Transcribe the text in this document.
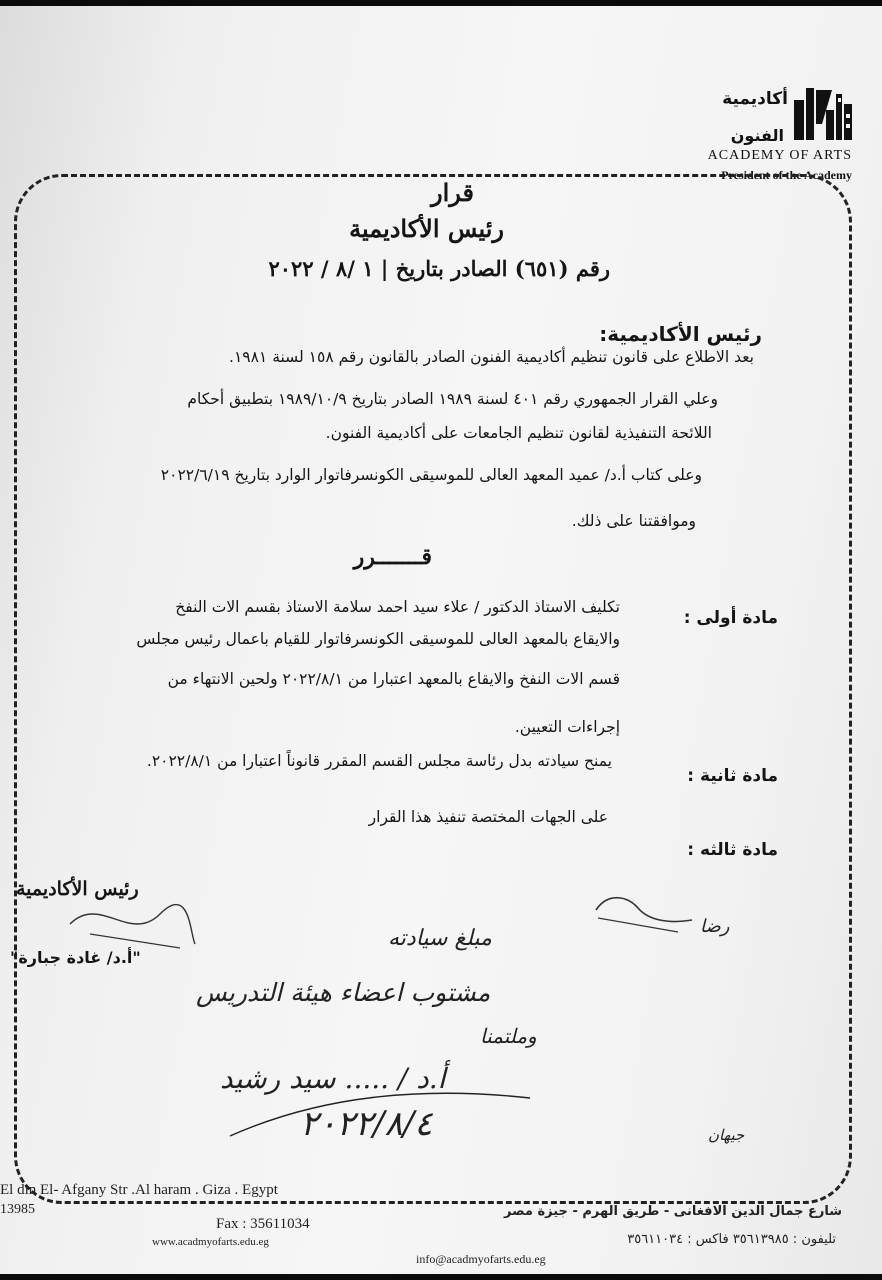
أكاديمية
الفنون
ACADEMY OF ARTS
President of the Academy
قرار
رئيس الأكاديمية
رقم (٦٥١) الصادر بتاريخ | ١ /٨ / ٢٠٢٢
رئيس الأكاديمية:
بعد الاطلاع على قانون تنظيم أكاديمية الفنون الصادر بالقانون رقم ١٥٨ لسنة ١٩٨١.
وعلي القرار الجمهوري رقم ٤٠١ لسنة ١٩٨٩ الصادر بتاريخ ١٩٨٩/١٠/٩ بتطبيق أحكام
اللائحة التنفيذية لقانون تنظيم الجامعات على أكاديمية الفنون.
وعلى كتاب أ.د/ عميد المعهد العالى للموسيقى الكونسرفاتوار الوارد بتاريخ ٢٠٢٢/٦/١٩
وموافقتنا على ذلك.
قـــــــرر
مادة أولى :
تكليف الاستاذ الدكتور / علاء سيد احمد سلامة الاستاذ بقسم الات النفخ
والايقاع بالمعهد العالى للموسيقى الكونسرفاتوار للقيام باعمال رئيس مجلس
قسم الات النفخ والايقاع بالمعهد اعتبارا من ٢٠٢٢/٨/١ ولحين الانتهاء من
إجراءات التعيين.
مادة ثانية :
يمنح سيادته بدل رئاسة مجلس القسم المقرر قانوناً اعتبارا من ٢٠٢٢/٨/١.
مادة ثالثه :
على الجهات المختصة تنفيذ هذا القرار
رئيس الأكاديمية
"أ.د/ غادة جبارة"
مبلغ سيادته
مشتوب اعضاء هيئة التدريس
وملتمنا
أ.د / ..... سيد رشيد
٢٠٢٢/٨/٤
رضا
جيهان
El din El- Afgany Str .Al haram . Giza . Egypt
13985
Fax : 35611034
www.acadmyofarts.edu.eg
شارع جمال الدين الافغانى - طريق الهرم - جيزة مصر
تليفون : ٣٥٦١٣٩٨٥ فاكس : ٣٥٦١١٠٣٤
info@acadmyofarts.edu.eg
